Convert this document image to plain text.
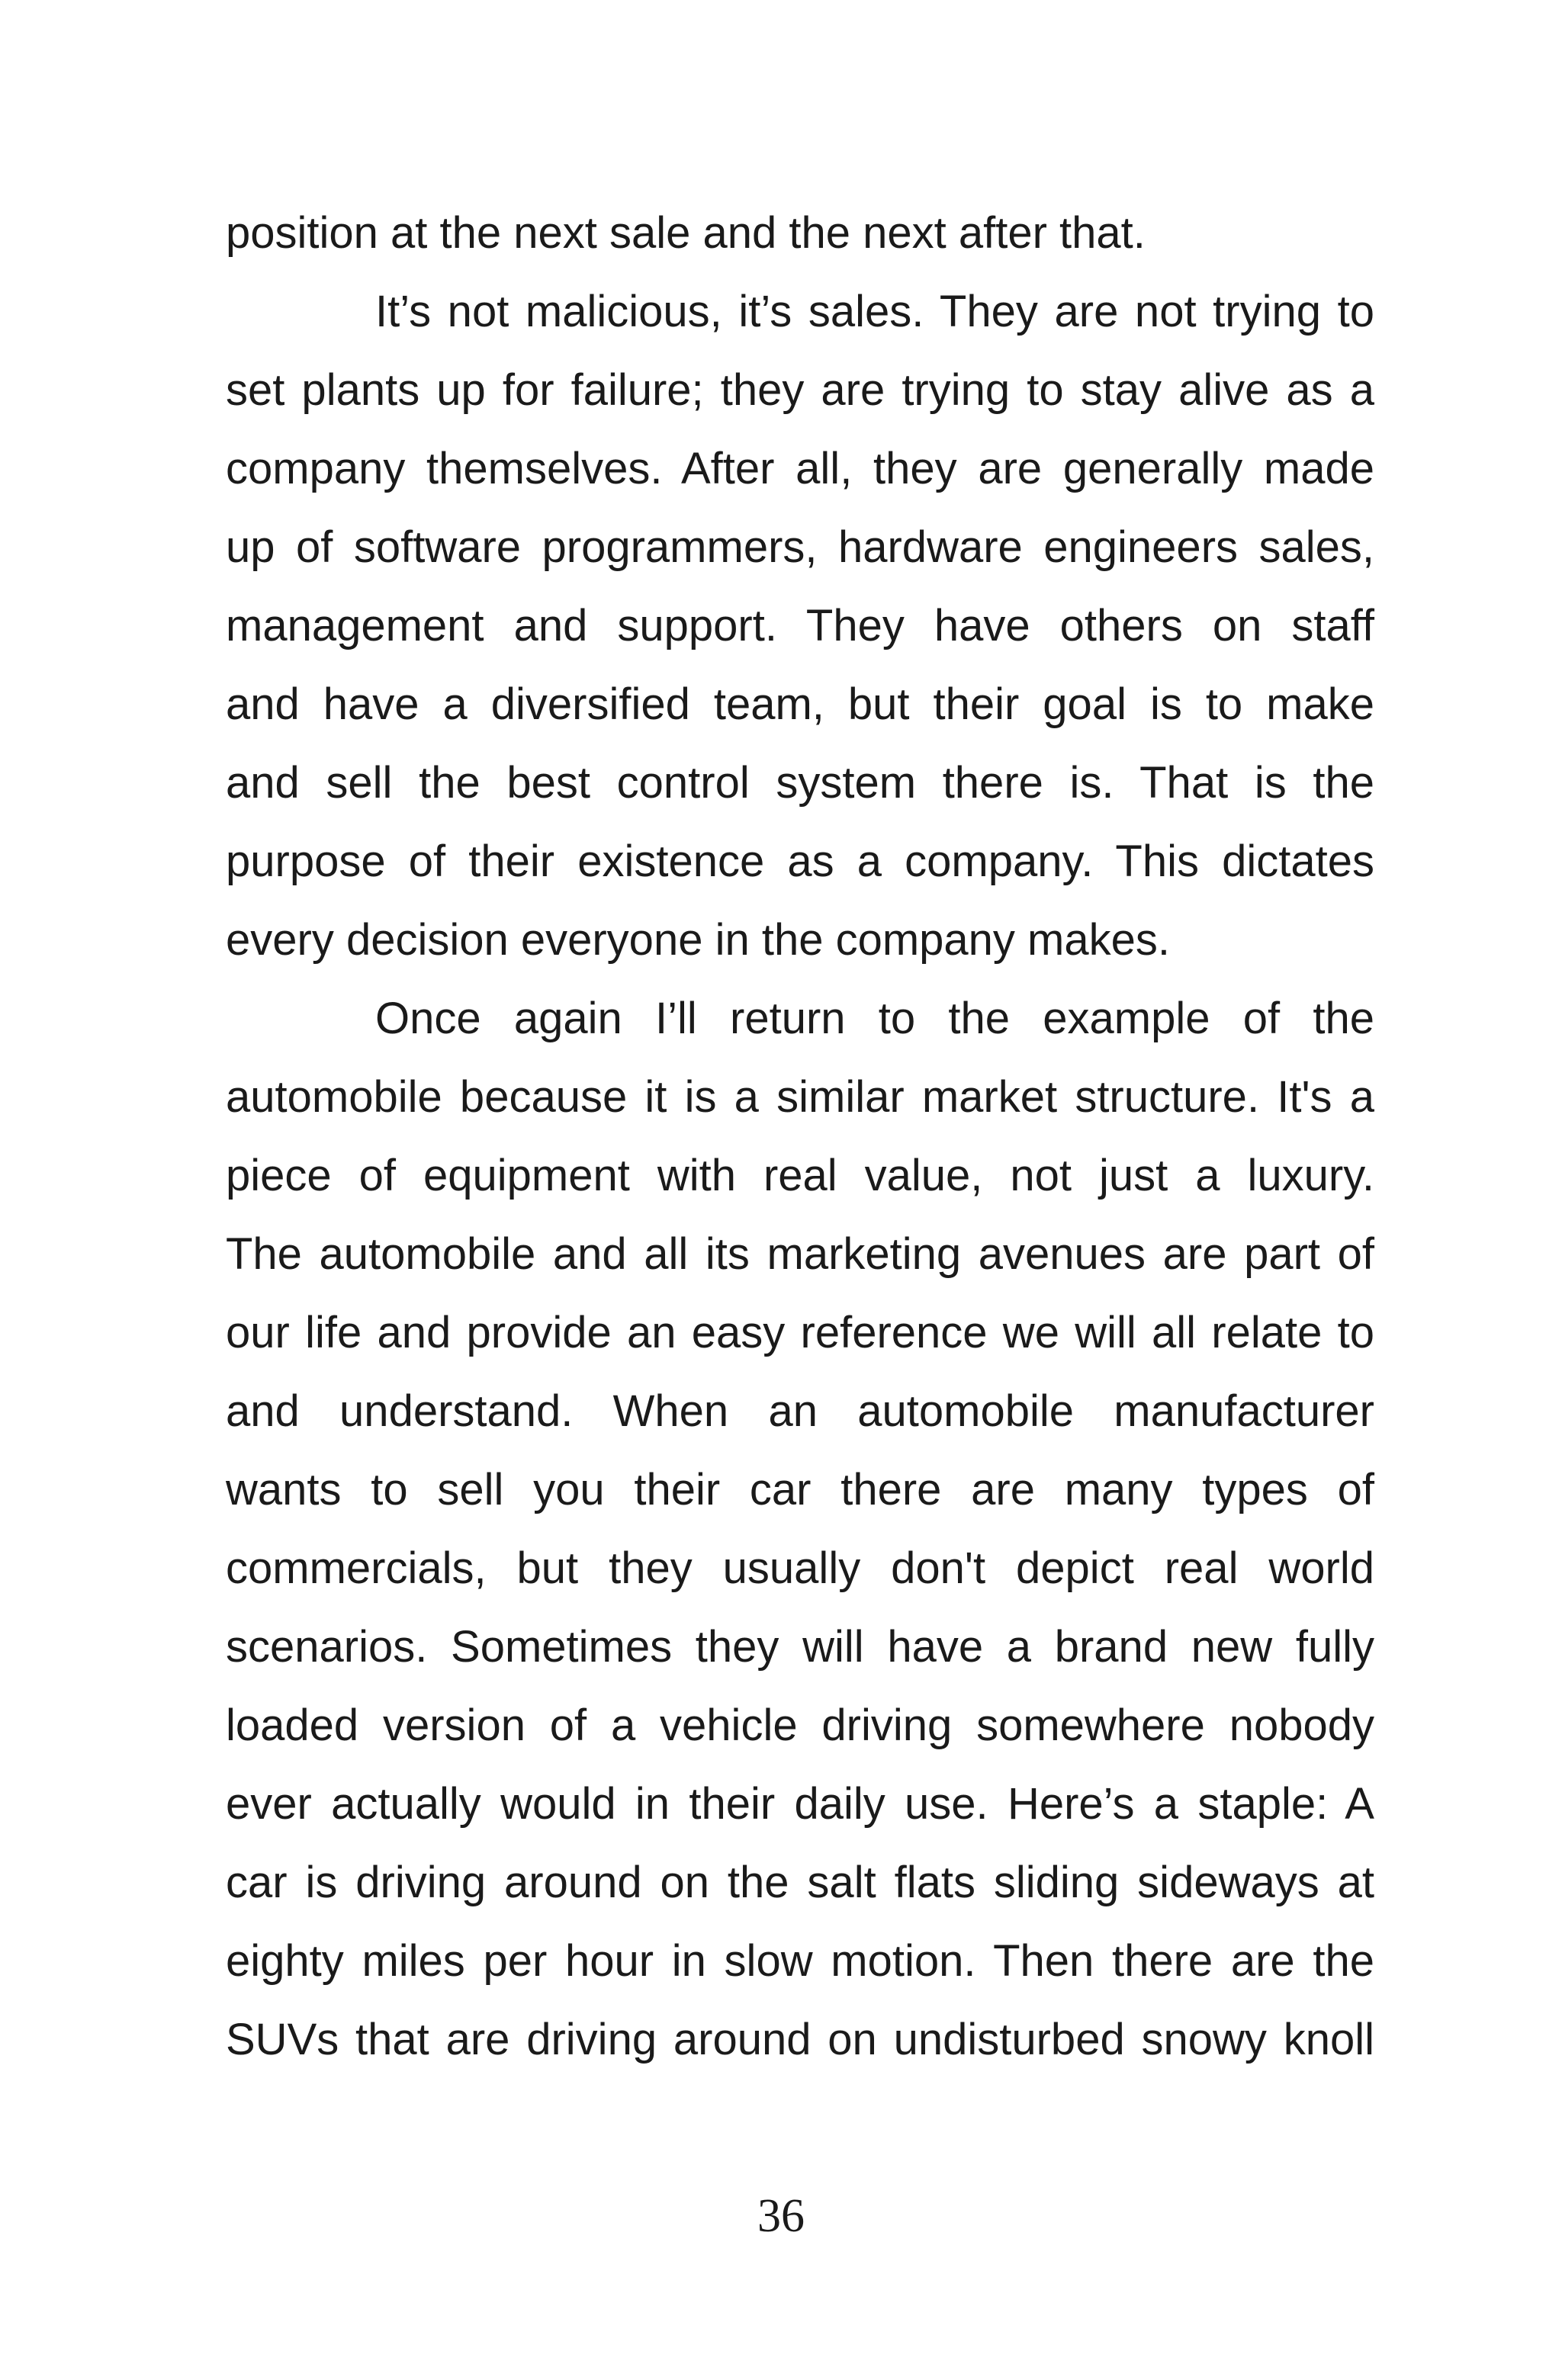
position at the next sale and the next after that.
It’s not malicious, it’s sales. They are not trying to
set plants up for failure; they are trying to stay alive as a
company themselves. After all, they are generally made
up of software programmers, hardware engineers sales,
management and support. They have others on staff
and have a diversified team, but their goal is to make
and sell the best control system there is. That is the
purpose of their existence as a company. This dictates
every decision everyone in the company makes.
Once again I’ll return to the example of the
automobile because it is a similar market structure. It's a
piece of equipment with real value, not just a luxury.
The automobile and all its marketing avenues are part of
our life and provide an easy reference we will all relate to
and understand. When an automobile manufacturer
wants to sell you their car there are many types of
commercials, but they usually don't depict real world
scenarios. Sometimes they will have a brand new fully
loaded version of a vehicle driving somewhere nobody
ever actually would in their daily use. Here’s a staple: A
car is driving around on the salt flats sliding sideways at
eighty miles per hour in slow motion. Then there are the
SUVs that are driving around on undisturbed snowy knoll
36
